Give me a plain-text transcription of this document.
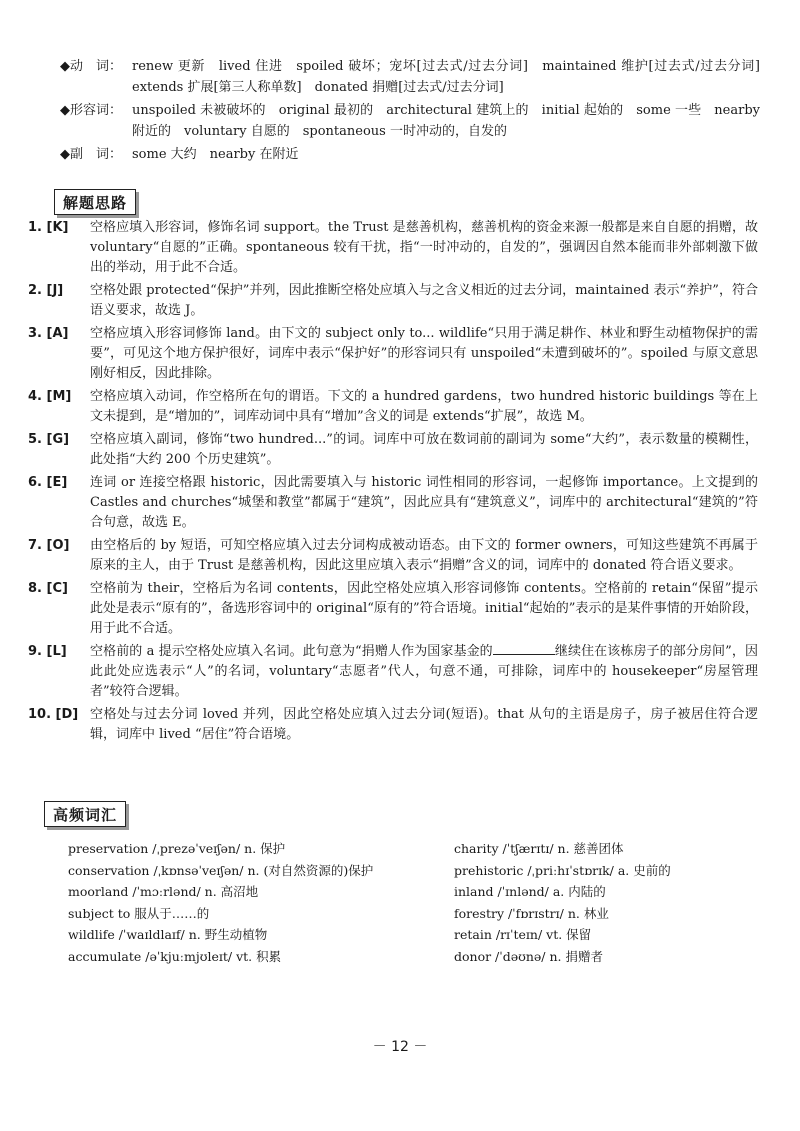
◆动　词： renew 更新　lived 住进　spoiled 破坏；宠坏[过去式/过去分词]　maintained 维护[过去式/过去分词]　extends 扩展[第三人称单数]　donated 捐赠[过去式/过去分词]
◆形容词： unspoiled 未被破坏的　original 最初的　architectural 建筑上的　initial 起始的　some 一些　nearby 附近的　voluntary 自愿的　spontaneous 一时冲动的，自发的
◆副　词： some 大约　nearby 在附近
解题思路
1. [K]	空格应填入形容词，修饰名词 support。the Trust 是慈善机构，慈善机构的资金来源一般都是来自自愿的捐赠，故 voluntary“自愿的”正确。spontaneous 较有干扰，指“一时冲动的，自发的”，强调因自然本能而非外部刺激下做出的举动，用于此不合适。
2. [J]	空格处跟 protected“保护”并列，因此推断空格处应填入与之含义相近的过去分词，maintained 表示“养护”，符合语义要求，故选 J。
3. [A]	空格应填入形容词修饰 land。由下文的 subject only to... wildlife“只用于满足耕作、林业和野生动植物保护的需要”，可见这个地方保护很好，词库中表示“保护好”的形容词只有 unspoiled“未遭到破坏的”。spoiled 与原文意思刚好相反，因此排除。
4. [M]	空格应填入动词，作空格所在句的谓语。下文的 a hundred gardens，two hundred historic buildings 等在上文未提到，是“增加的”，词库动词中具有“增加”含义的词是 extends“扩展”，故选 M。
5. [G]	空格应填入副词，修饰“two hundred...”的词。词库中可放在数词前的副词为 some“大约”，表示数量的模糊性，此处指“大约 200 个历史建筑”。
6. [E]	连词 or 连接空格跟 historic，因此需要填入与 historic 词性相同的形容词，一起修饰 importance。上文提到的 Castles and churches“城堡和教堂”都属于“建筑”，因此应具有“建筑意义”，词库中的 architectural“建筑的”符合句意，故选 E。
7. [O]	由空格后的 by 短语，可知空格应填入过去分词构成被动语态。由下文的 former owners，可知这些建筑不再属于原来的主人，由于 Trust 是慈善机构，因此这里应填入表示“捐赠”含义的词，词库中的 donated 符合语义要求。
8. [C]	空格前为 their，空格后为名词 contents，因此空格处应填入形容词修饰 contents。空格前的 retain“保留”提示此处是表示“原有的”，备选形容词中的 original“原有的”符合语境。initial“起始的”表示的是某件事情的开始阶段，用于此不合适。
9. [L]	空格前的 a 提示空格处应填入名词。此句意为“捐赠人作为国家基金的	继续住在该栋房子的部分房间”，因此此处应选表示“人”的名词，voluntary“志愿者”代人，句意不通，可排除，词库中的 housekeeper“房屋管理者”较符合逻辑。
10. [D] 空格处与过去分词 loved 并列，因此空格处应填入过去分词(短语)。that 从句的主语是房子，房子被居住符合逻辑，词库中 lived “居住”符合语境。
高频词汇
preservation /ˌprezəˈveɪʃən/ n. 保护
conservation /ˌkɒnsəˈveɪʃən/ n. (对自然资源的)保护
moorland /ˈmɔːrlənd/ n. 高沼地
subject to 服从于……的
wildlife /ˈwaɪldlaɪf/ n. 野生动植物
accumulate /əˈkjuːmjʊleɪt/ vt. 积累
charity /ˈtʃærɪtɪ/ n. 慈善团体
prehistoric /ˌpriːhɪˈstɒrɪk/ a. 史前的
inland /ˈɪnlənd/ a. 内陆的
forestry /ˈfɒrɪstrɪ/ n. 林业
retain /rɪˈteɪn/ vt. 保留
donor /ˈdəʊnə/ n. 捐赠者
－ 12 －
